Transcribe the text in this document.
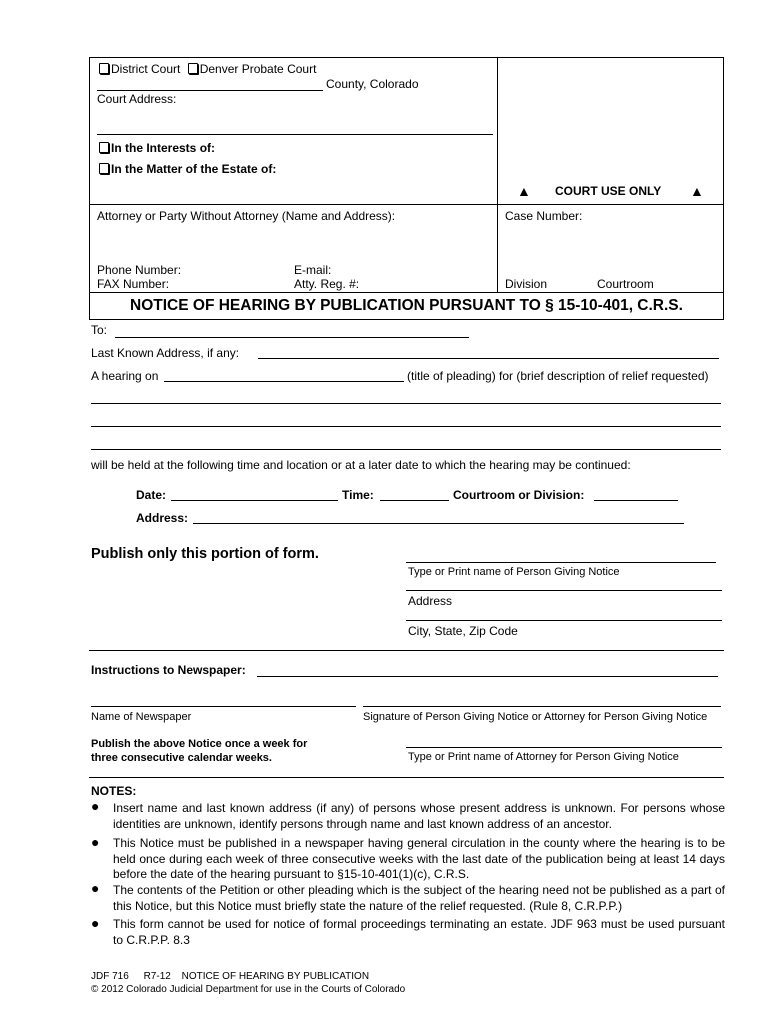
District Court Denver Probate Court
County, Colorado
Court Address:
In the Interests of:
In the Matter of the Estate of:
▲ COURT USE ONLY ▲
Attorney or Party Without Attorney (Name and Address):	Case Number:
Phone Number:	E-mail:
FAX Number:	Atty. Reg. #:	Division	Courtroom
NOTICE OF HEARING BY PUBLICATION PURSUANT TO § 15-10-401, C.R.S.
To:
Last Known Address, if any:
A hearing on	(title of pleading) for (brief description of relief requested)
will be held at the following time and location or at a later date to which the hearing may be continued:
Date:	Time:	Courtroom or Division:
Address:
Publish only this portion of form.
Type or Print name of Person Giving Notice
Address
City, State, Zip Code
Instructions to Newspaper:
Name of Newspaper	Signature of Person Giving Notice or Attorney for Person Giving Notice
Publish the above Notice once a week for
three consecutive calendar weeks.	Type or Print name of Attorney for Person Giving Notice
NOTES:
● Insert name and last known address (if any) of persons whose present address is unknown. For persons whose identities are unknown, identify persons through name and last known address of an ancestor.
● This Notice must be published in a newspaper having general circulation in the county where the hearing is to be held once during each week of three consecutive weeks with the last date of the publication being at least 14 days before the date of the hearing pursuant to §15-10-401(1)(c), C.R.S.
● The contents of the Petition or other pleading which is the subject of the hearing need not be published as a part of this Notice, but this Notice must briefly state the nature of the relief requested. (Rule 8, C.R.P.P.)
● This form cannot be used for notice of formal proceedings terminating an estate. JDF 963 must be used pursuant to C.R.P.P. 8.3
JDF 716 R7-12 NOTICE OF HEARING BY PUBLICATION
© 2012 Colorado Judicial Department for use in the Courts of Colorado
